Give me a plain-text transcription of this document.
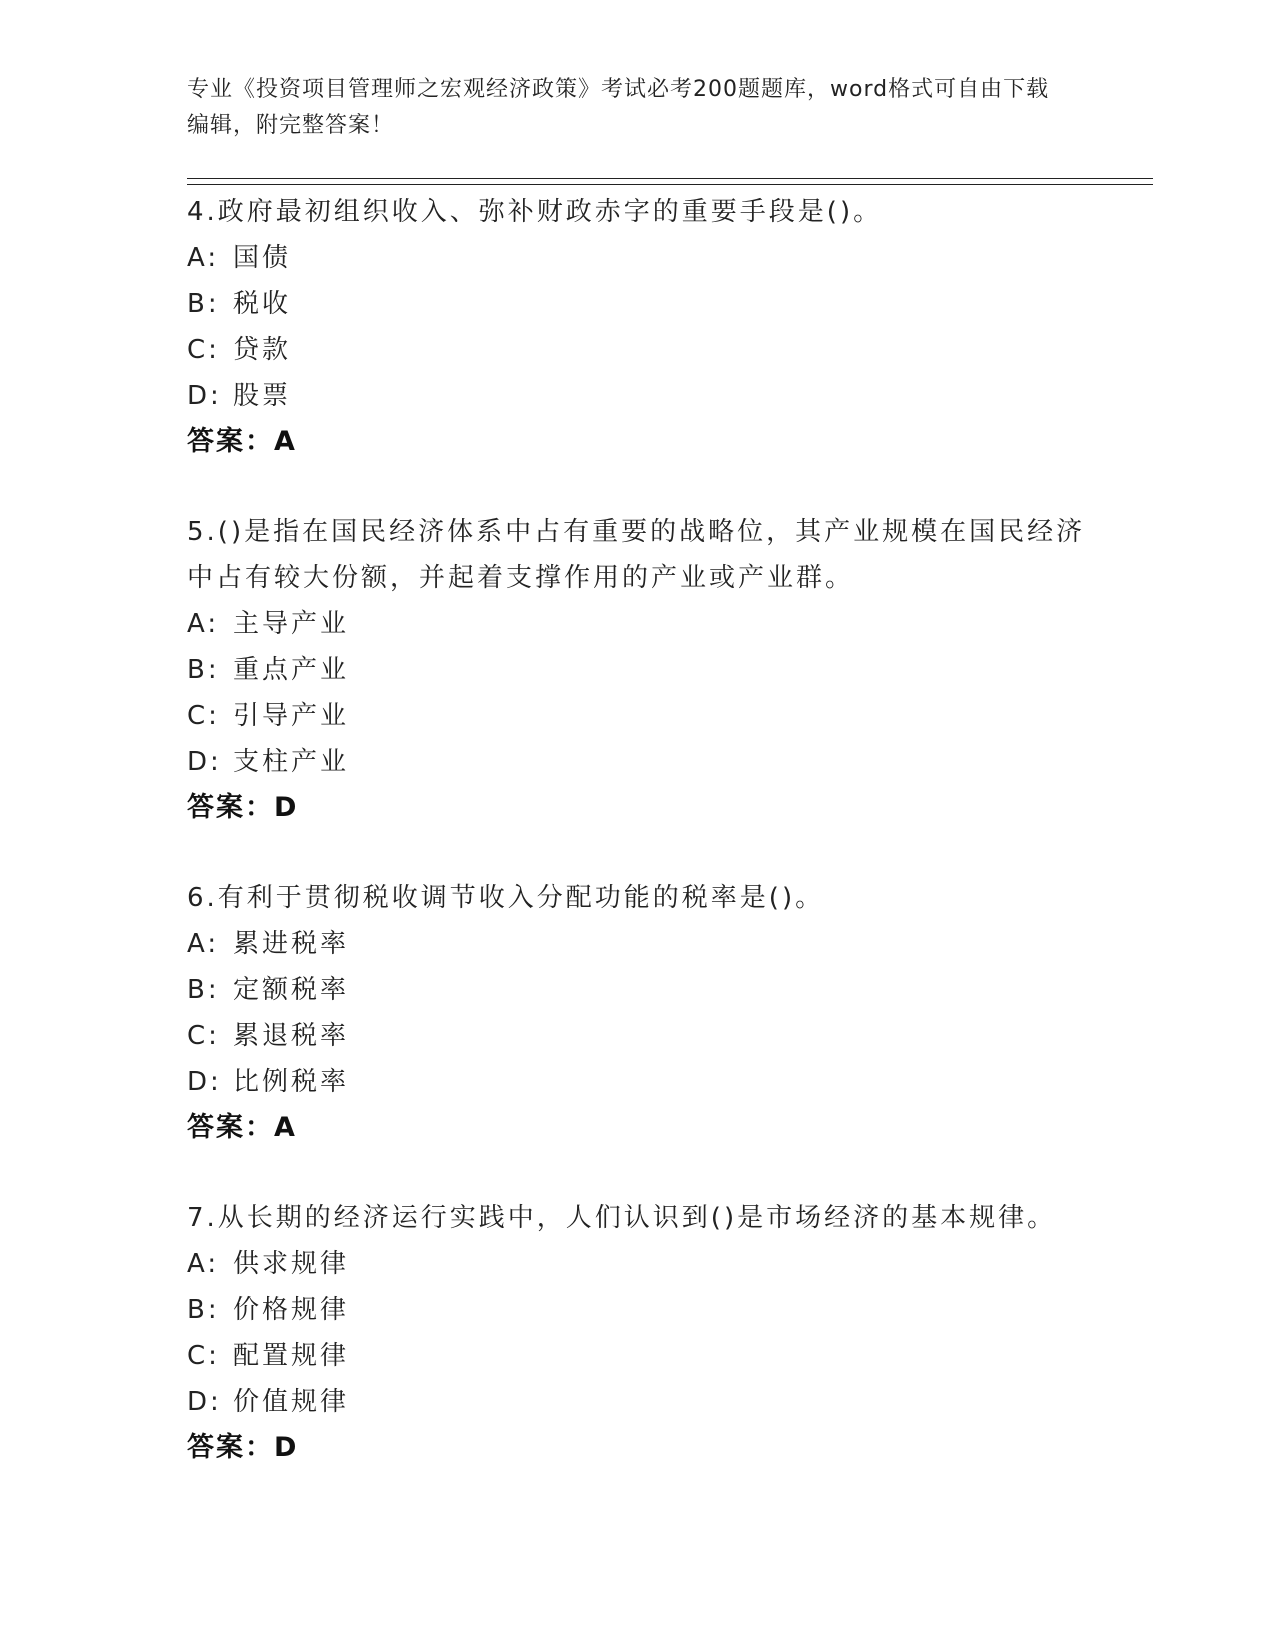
专业《投资项目管理师之宏观经济政策》考试必考200题题库，word格式可自由下载编辑，附完整答案！
4.政府最初组织收入、弥补财政赤字的重要手段是()。
A: 国债
B: 税收
C: 贷款
D: 股票
答案：A
5.()是指在国民经济体系中占有重要的战略位，其产业规模在国民经济中占有较大份额，并起着支撑作用的产业或产业群。
A: 主导产业
B: 重点产业
C: 引导产业
D: 支柱产业
答案：D
6.有利于贯彻税收调节收入分配功能的税率是()。
A: 累进税率
B: 定额税率
C: 累退税率
D: 比例税率
答案：A
7.从长期的经济运行实践中，人们认识到()是市场经济的基本规律。
A: 供求规律
B: 价格规律
C: 配置规律
D: 价值规律
答案：D
